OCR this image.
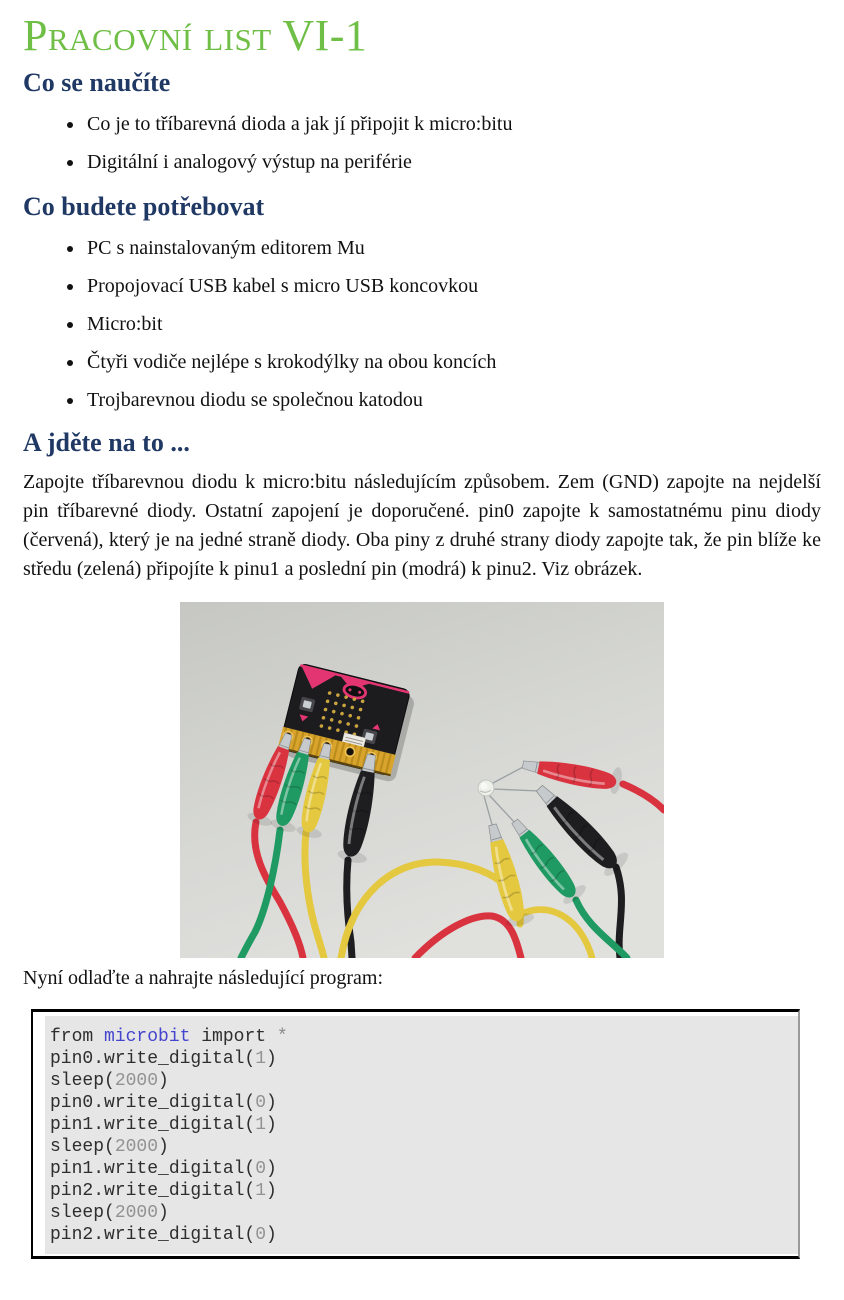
Pracovní list VI-1
Co se naučíte
• Co je to tříbarevná dioda a jak jí připojit k micro:bitu
• Digitální i analogový výstup na periférie
Co budete potřebovat
• PC s nainstalovaným editorem Mu
• Propojovací USB kabel s micro USB koncovkou
• Micro:bit
• Čtyři vodiče nejlépe s krokodýlky na obou koncích
• Trojbarevnou diodu se společnou katodou
A jděte na to ...

Zapojte tříbarevnou diodu k micro:bitu následujícím způsobem. Zem (GND) zapojte na nejdelší pin tříbarevné diody. Ostatní zapojení je doporučené. pin0 zapojte k samostatnému pinu diody (červená), který je na jedné straně diody. Oba piny z druhé strany diody zapojte tak, že pin blíže ke středu (zelená) připojíte k pinu1 a poslední pin (modrá) k pinu2. Viz obrázek.

Nyní odlaďte a nahrajte následující program:

from microbit import *
pin0.write_digital(1)
sleep(2000)
pin0.write_digital(0)
pin1.write_digital(1)
sleep(2000)
pin1.write_digital(0)
pin2.write_digital(1)
sleep(2000)
pin2.write_digital(0)
